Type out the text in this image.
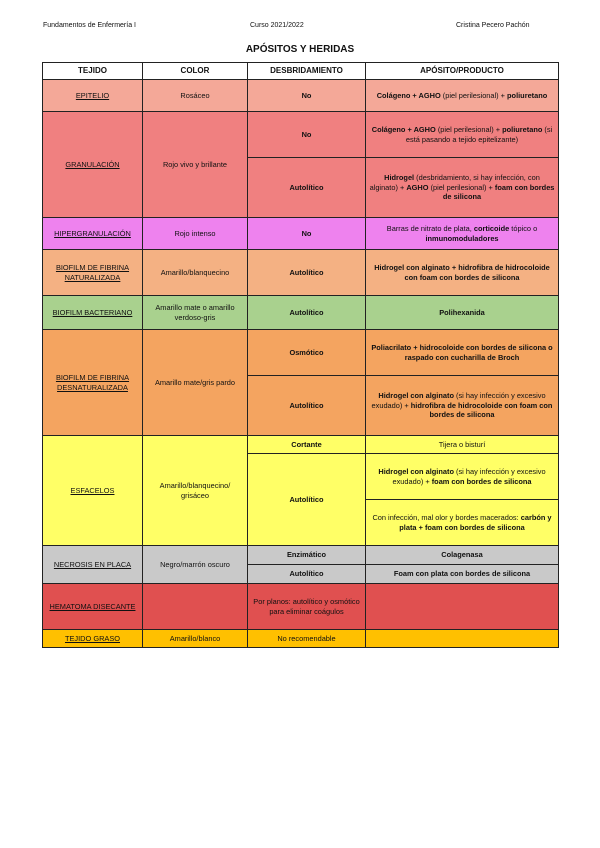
Fundamentos de Enfermería I	Curso 2021/2022	Cristina Pecero Pachón
APÓSITOS Y HERIDAS
TEJIDO	COLOR	DESBRIDAMIENTO	APÓSITO/PRODUCTO
EPITELIO	Rosáceo	No	Colágeno + AGHO (piel perilesional) + poliuretano
GRANULACIÓN	Rojo vivo y brillante	No	Colágeno + AGHO (piel perilesional) + poliuretano (si está pasando a tejido epitelizante)
		Autolítico	Hidrogel (desbridamiento, si hay infección, con alginato) + AGHO (piel perilesional) + foam con bordes de silicona
HIPERGRANULACIÓN	Rojo intenso	No	Barras de nitrato de plata, corticoide tópico o inmunomoduladores
BIOFILM DE FIBRINA NATURALIZADA	Amarillo/blanquecino	Autolítico	Hidrogel con alginato + hidrofibra de hidrocoloide con foam con bordes de silicona
BIOFILM BACTERIANO	Amarillo mate o amarillo verdoso-gris	Autolítico	Polihexanida
BIOFILM DE FIBRINA DESNATURALIZADA	Amarillo mate/gris pardo	Osmótico	Poliacrilato + hidrocoloide con bordes de silicona o raspado con cucharilla de Broch
		Autolítico	Hidrogel con alginato (si hay infección y excesivo exudado) + hidrofibra de hidrocoloide con foam con bordes de silicona
ESFACELOS	Amarillo/blanquecino/ grisáceo	Cortante	Tijera o bisturí
		Autolítico	Hidrogel con alginato (si hay infección y excesivo exudado) + foam con bordes de silicona
			Con infección, mal olor y bordes macerados: carbón y plata + foam con bordes de silicona
NECROSIS EN PLACA	Negro/marrón oscuro	Enzimático	Colagenasa
		Autolítico	Foam con plata con bordes de silicona
HEMATOMA DISECANTE		Por planos: autolítico y osmótico para eliminar coágulos	
TEJIDO GRASO	Amarillo/blanco	No recomendable	
